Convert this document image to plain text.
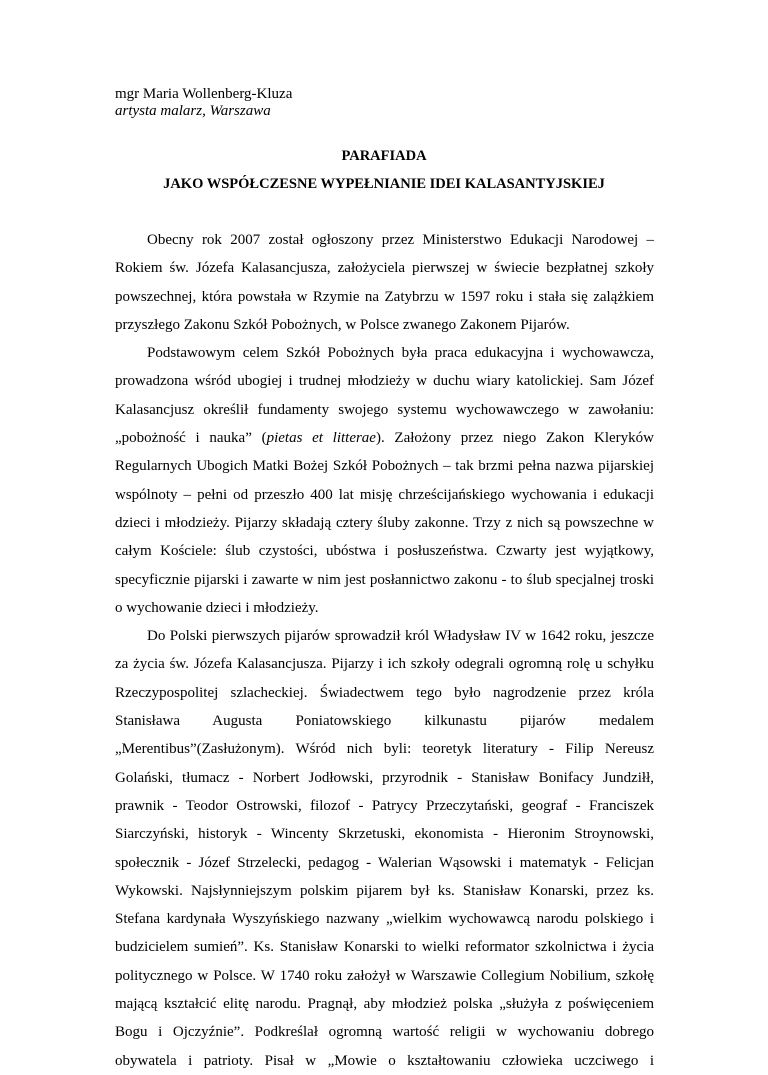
mgr Maria Wollenberg-Kluza
artysta malarz, Warszawa
PARAFIADA
JAKO WSPÓŁCZESNE WYPEŁNIANIE IDEI KALASANTYJSKIEJ

Obecny rok 2007 został ogłoszony przez Ministerstwo Edukacji Narodowej – Rokiem św. Józefa Kalasancjusza, założyciela pierwszej w świecie bezpłatnej szkoły powszechnej, która powstała w Rzymie na Zatybrzu w 1597 roku i stała się zalążkiem przyszłego Zakonu Szkół Pobożnych, w Polsce zwanego Zakonem Pijarów.

Podstawowym celem Szkół Pobożnych była praca edukacyjna i wychowawcza, prowadzona wśród ubogiej i trudnej młodzieży w duchu wiary katolickiej. Sam Józef Kalasancjusz określił fundamenty swojego systemu wychowawczego w zawołaniu: „pobożność i nauka” (pietas et litterae). Założony przez niego Zakon Kleryków Regularnych Ubogich Matki Bożej Szkół Pobożnych – tak brzmi pełna nazwa pijarskiej wspólnoty – pełni od przeszło 400 lat misję chrześcijańskiego wychowania i edukacji dzieci i młodzieży. Pijarzy składają cztery śluby zakonne. Trzy z nich są powszechne w całym Kościele: ślub czystości, ubóstwa i posłuszeństwa. Czwarty jest wyjątkowy, specyficznie pijarski i zawarte w nim jest posłannictwo zakonu - to ślub specjalnej troski o wychowanie dzieci i młodzieży.

Do Polski pierwszych pijarów sprowadził król Władysław IV w 1642 roku, jeszcze za życia św. Józefa Kalasancjusza. Pijarzy i ich szkoły odegrali ogromną rolę u schyłku Rzeczypospolitej szlacheckiej. Świadectwem tego było nagrodzenie przez króla Stanisława Augusta Poniatowskiego kilkunastu pijarów medalem „Merentibus”(Zasłużonym). Wśród nich byli: teoretyk literatury - Filip Nereusz Golański, tłumacz - Norbert Jodłowski, przyrodnik - Stanisław Bonifacy Jundziłł, prawnik - Teodor Ostrowski, filozof - Patrycy Przeczytański, geograf - Franciszek Siarczyński, historyk - Wincenty Skrzetuski, ekonomista - Hieronim Stroynowski, społecznik - Józef Strzelecki, pedagog - Walerian Wąsowski i matematyk - Felicjan Wykowski. Najsłynniejszym polskim pijarem był ks. Stanisław Konarski, przez ks. Stefana kardynała Wyszyńskiego nazwany „wielkim wychowawcą narodu polskiego i budzicielem sumień”. Ks. Stanisław Konarski to wielki reformator szkolnictwa i życia politycznego w Polsce. W 1740 roku założył w Warszawie Collegium Nobilium, szkołę mającą kształcić elitę narodu. Pragnął, aby młodzież polska „służyła z poświęceniem Bogu i Ojczyźnie”. Podkreślał ogromną wartość religii w wychowaniu dobrego obywatela i patrioty. Pisał w „Mowie o kształtowaniu człowieka uczciwego i
